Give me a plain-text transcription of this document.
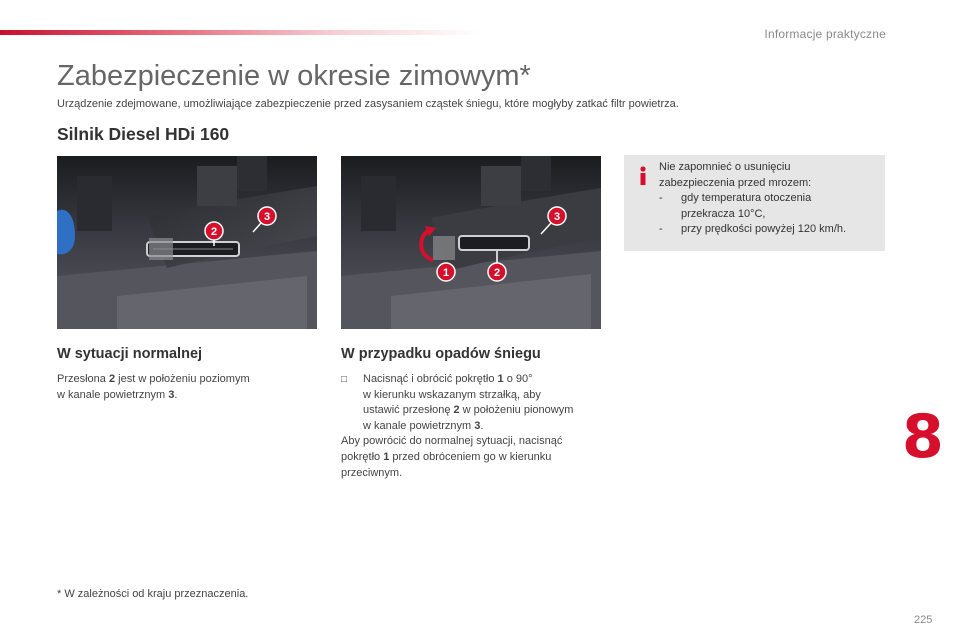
Informacje praktyczne
Zabezpieczenie w okresie zimowym*

Urządzenie zdejmowane, umożliwiające zabezpieczenie przed zasysaniem cząstek śniegu, które mogłyby zatkać filtr powietrza.

Silnik Diesel HDi 160
2
3
1	2
3
Nie zapomnieć o usunięciu
zabezpieczenia przed mrozem:
-	gdy temperatura otoczenia
przekracza 10°C,
-	przy prędkości powyżej 120 km/h.
W sytuacji normalnej
Przesłona 2 jest w położeniu poziomym
w kanale powietrznym 3.
W przypadku opadów śniegu
□	Nacisnąć i obrócić pokrętło 1 o 90°
w kierunku wskazanym strzałką, aby
ustawić przesłonę 2 w położeniu pionowym
w kanale powietrznym 3.
Aby powrócić do normalnej sytuacji, nacisnąć
pokrętło 1 przed obróceniem go w kierunku
przeciwnym.
* W zależności od kraju przeznaczenia.
8
225
